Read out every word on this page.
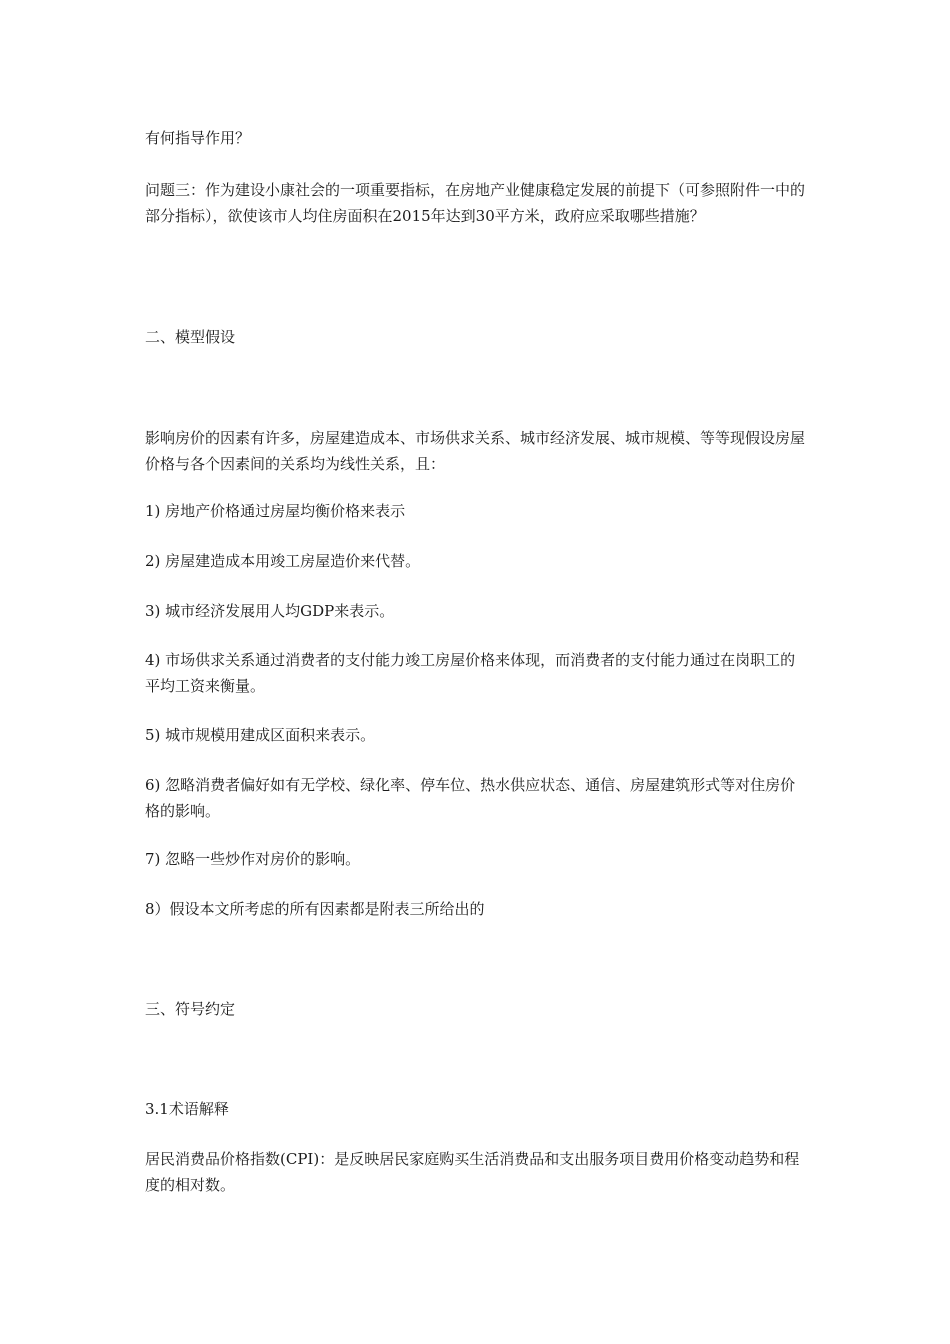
有何指导作用？

问题三：作为建设小康社会的一项重要指标，在房地产业健康稳定发展的前提下（可参照附件一中的部分指标），欲使该市人均住房面积在2015年达到30平方米，政府应采取哪些措施？

二、模型假设

影响房价的因素有许多，房屋建造成本、市场供求关系、城市经济发展、城市规模、等等现假设房屋价格与各个因素间的关系均为线性关系，且：

1) 房地产价格通过房屋均衡价格来表示

2) 房屋建造成本用竣工房屋造价来代替。

3) 城市经济发展用人均GDP来表示。

4) 市场供求关系通过消费者的支付能力竣工房屋价格来体现，而消费者的支付能力通过在岗职工的平均工资来衡量。

5) 城市规模用建成区面积来表示。

6) 忽略消费者偏好如有无学校、绿化率、停车位、热水供应状态、通信、房屋建筑形式等对住房价格的影响。

7) 忽略一些炒作对房价的影响。

8）假设本文所考虑的所有因素都是附表三所给出的

三、符号约定

3.1术语解释

居民消费品价格指数(CPI)：是反映居民家庭购买生活消费品和支出服务项目费用价格变动趋势和程度的相对数。
